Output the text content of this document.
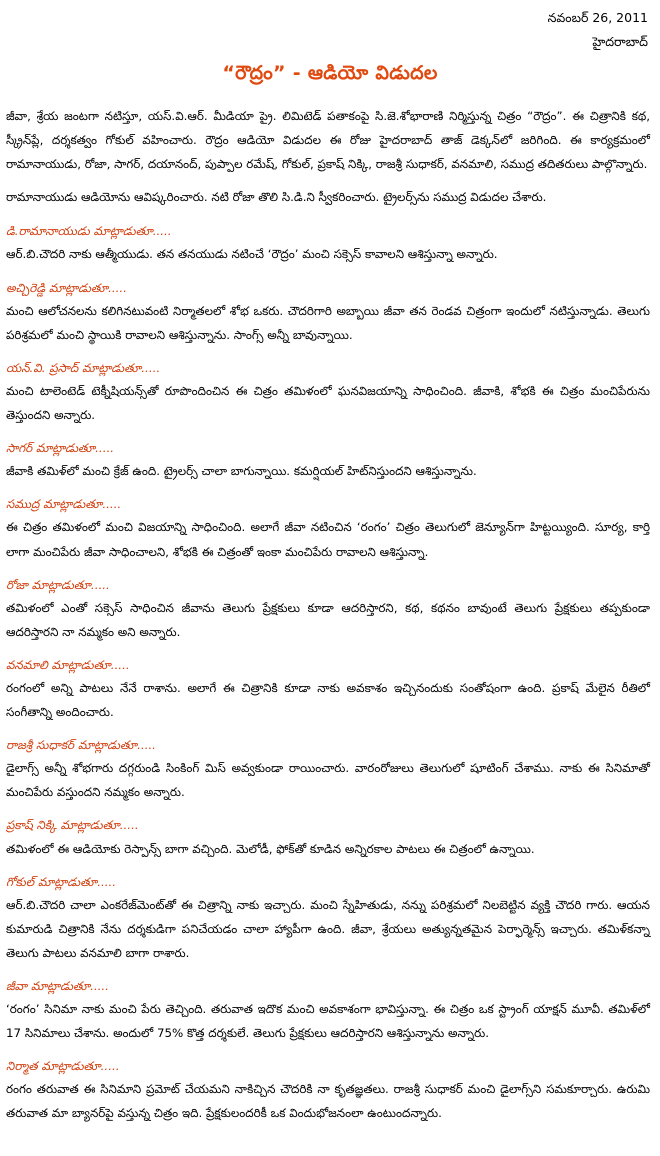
నవంబర్ 26, 2011
హైదరాబాద్
“రౌద్రం” - ఆడియో విడుదల

జీవా, శ్రేయ జంటగా నటిస్తూ, యస్.వి.ఆర్. మీడియా ప్రై. లిమిటెడ్ పతాకంపై సి.జె.శోభారాణి నిర్మిస్తున్న చిత్రం “రౌద్రం”. ఈ చిత్రానికి కథ, స్క్రీన్‌ప్లే, దర్శకత్వం గోకుల్ వహించారు. రౌద్రం ఆడియో విడుదల ఈ రోజు హైదరాబాద్ తాజ్ డెక్కన్‌లో జరిగింది. ఈ కార్యక్రమంలో రామానాయుడు, రోజా, సాగర్, దయానంద్, పుప్పాల రమేష్, గోకుల్, ప్రకాష్ నిక్కి, రాజశ్రీ సుధాకర్, వనమాలి, సముద్ర తదితరులు పాల్గొన్నారు.

రామానాయుడు ఆడియోను ఆవిష్కరించారు. నటి రోజా తొలి సి.డి.ని స్వీకరించారు. ట్రైలర్స్‌ను సముద్ర విడుదల చేశారు.

డి.రామానాయుడు మాట్లాడుతూ.....

ఆర్.బి.చౌదరి నాకు ఆత్మీయుడు. తన తనయుడు నటించే ‘రౌద్రం’ మంచి సక్సెస్ కావాలని ఆశిస్తున్నా అన్నారు.

అచ్చిరెడ్డి మాట్లాడుతూ.....

మంచి ఆలోచనలను కలిగినటువంటి నిర్మాతలలో శోభ ఒకరు. చౌదరిగారి అబ్బాయి జీవా తన రెండవ చిత్రంగా ఇందులో నటిస్తున్నాడు. తెలుగు పరిశ్రమలో మంచి స్థాయికి రావాలని ఆశిస్తున్నాను. సాంగ్స్ అన్నీ బావున్నాయి.

యన్.వి. ప్రసాద్ మాట్లాడుతూ.....

మంచి టాలెంటెడ్ టెక్నీషియన్స్‌తో రూపొందించిన ఈ చిత్రం తమిళంలో ఘనవిజయాన్ని సాధించింది. జీవాకి, శోభకి ఈ చిత్రం మంచిపేరును తెస్తుందని అన్నారు.

సాగర్ మాట్లాడుతూ.....

జీవాకి తమిళ్‌లో మంచి క్రేజ్ ఉంది. ట్రైలర్స్ చాలా బాగున్నాయి. కమర్షియల్ హిట్‌నిస్తుందని ఆశిస్తున్నాను.

సముద్ర మాట్లాడుతూ.....

ఈ చిత్రం తమిళంలో మంచి విజయాన్ని సాధించింది. అలాగే జీవా నటించిన ‘రంగం’ చిత్రం తెలుగులో జెన్యూన్‌గా హిట్టయ్యింది. సూర్య, కార్తి లాగా మంచిపేరు జీవా సాధించాలని, శోభకి ఈ చిత్రంతో ఇంకా మంచిపేరు రావాలని ఆశిస్తున్నా.

రోజా మాట్లాడుతూ.....

తమిళంలో ఎంతో సక్సెస్ సాధించిన జీవాను తెలుగు ప్రేక్షకులు కూడా ఆదరిస్తారని, కథ, కథనం బావుంటే తెలుగు ప్రేక్షకులు తప్పకుండా ఆదరిస్తారని నా నమ్మకం అని అన్నారు.

వనమాలి మాట్లాడుతూ.....

రంగంలో అన్ని పాటలు నేనే రాశాను. అలాగే ఈ చిత్రానికి కూడా నాకు అవకాశం ఇచ్చినందుకు సంతోషంగా ఉంది. ప్రకాష్ మేలైన రీతిలో సంగీతాన్ని అందించారు.

రాజశ్రీ సుధాకర్ మాట్లాడుతూ.....

డైలాగ్స్ అన్నీ శోభగారు దగ్గరుండి సింకింగ్ మిస్ అవ్వకుండా రాయించారు. వారంరోజులు తెలుగులో షూటింగ్ చేశాము. నాకు ఈ సినిమాతో మంచిపేరు వస్తుందని నమ్మకం అన్నారు.

ప్రకాష్ నిక్కి మాట్లాడుతూ.....

తమిళంలో ఈ ఆడియోకు రెస్పాన్స్ బాగా వచ్చింది. మెలోడీ, ఫోక్‌తో కూడిన అన్నిరకాల పాటలు ఈ చిత్రంలో ఉన్నాయి.

గోకుల్ మాట్లాడుతూ.....

ఆర్.బి.చౌదరి చాలా ఎంకరేజ్‌మెంట్‌తో ఈ చిత్రాన్ని నాకు ఇచ్చారు. మంచి స్నేహితుడు, నన్ను పరిశ్రమలో నిలబెట్టిన వ్యక్తి చౌదరి గారు. ఆయన కుమారుడి చిత్రానికి నేను దర్శకుడిగా పనిచేయడం చాలా హ్యాపీగా ఉంది. జీవా, శ్రేయలు అత్యున్నతమైన పెర్ఫార్మెన్స్ ఇచ్చారు. తమిళ్‌కన్నా తెలుగు పాటలు వనమాలి బాగా రాశారు.

జీవా మాట్లాడుతూ.....

‘రంగం’ సినిమా నాకు మంచి పేరు తెచ్చింది. తరువాత ఇదొక మంచి అవకాశంగా భావిస్తున్నా. ఈ చిత్రం ఒక స్ట్రాంగ్ యాక్షన్ మూవీ. తమిళ్‌లో 17 సినిమాలు చేశాను. అందులో 75% కొత్త దర్శకులే. తెలుగు ప్రేక్షకులు ఆదరిస్తారని ఆశిస్తున్నాను అన్నారు.

నిర్మాత మాట్లాడుతూ.....

రంగం తరువాత ఈ సినిమాని ప్రమోట్ చేయమని నాకిచ్చిన చౌదరికి నా కృతజ్ఞతలు. రాజశ్రీ సుధాకర్ మంచి డైలాగ్స్‌ని సమకూర్చారు. ఉరుమి తరువాత మా బ్యానర్‌పై వస్తున్న చిత్రం ఇది. ప్రేక్షకులందరికీ ఒక విందుభోజనంలా ఉంటుందన్నారు.
